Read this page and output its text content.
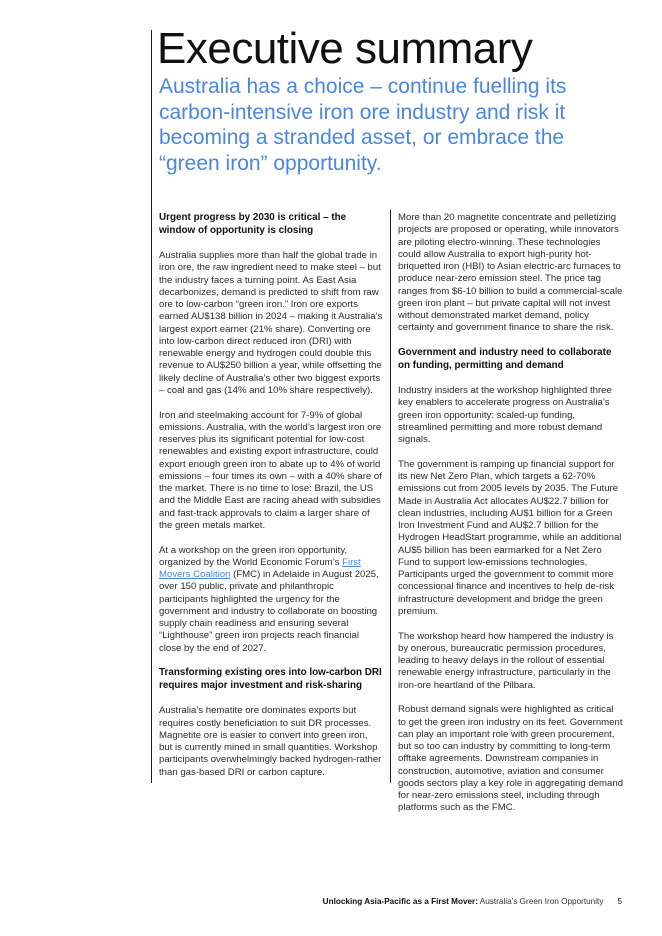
Executive summary
Australia has a choice – continue fuelling its carbon-intensive iron ore industry and risk it becoming a stranded asset, or embrace the “green iron” opportunity.
Urgent progress by 2030 is critical – the window of opportunity is closing

Australia supplies more than half the global trade in iron ore, the raw ingredient need to make steel – but the industry faces a turning point. As East Asia decarbonizes, demand is predicted to shift from raw ore to low-carbon “green iron.” Iron ore exports earned AU$138 billion in 2024 – making it Australia’s largest export earner (21% share). Converting ore into low-carbon direct reduced iron (DRI) with renewable energy and hydrogen could double this revenue to AU$250 billion a year, while offsetting the likely decline of Australia’s other two biggest exports – coal and gas (14% and 10% share respectively).

Iron and steelmaking account for 7-9% of global emissions. Australia, with the world’s largest iron ore reserves plus its significant potential for low-cost renewables and existing export infrastructure, could export enough green iron to abate up to 4% of world emissions – four times its own – with a 40% share of the market. There is no time to lose: Brazil, the US and the Middle East are racing ahead with subsidies and fast-track approvals to claim a larger share of the green metals market.

At a workshop on the green iron opportunity, organized by the World Economic Forum’s First Movers Coalition (FMC) in Adelaide in August 2025, over 150 public, private and philanthropic participants highlighted the urgency for the government and industry to collaborate on boosting supply chain readiness and ensuring several “Lighthouse” green iron projects reach financial close by the end of 2027.

Transforming existing ores into low-carbon DRI requires major investment and risk-sharing

Australia’s hematite ore dominates exports but requires costly beneficiation to suit DR processes. Magnetite ore is easier to convert into green iron, but is currently mined in small quantities. Workshop participants overwhelmingly backed hydrogen-rather than gas-based DRI or carbon capture.

More than 20 magnetite concentrate and pelletizing projects are proposed or operating, while innovators are piloting electro-winning. These technologies could allow Australia to export high-purity hot-briquetted iron (HBI) to Asian electric-arc furnaces to produce near-zero emission steel. The price tag ranges from $6-10 billion to build a commercial-scale green iron plant – but private capital will not invest without demonstrated market demand, policy certainty and government finance to share the risk.

Government and industry need to collaborate on funding, permitting and demand

Industry insiders at the workshop highlighted three key enablers to accelerate progress on Australia’s green iron opportunity: scaled-up funding, streamlined permitting and more robust demand signals.

The government is ramping up financial support for its new Net Zero Plan, which targets a 62-70% emissions cut from 2005 levels by 2035. The Future Made in Australia Act allocates AU$22.7 billion for clean industries, including AU$1 billion for a Green Iron Investment Fund and AU$2.7 billion for the Hydrogen HeadStart programme, while an additional AU$5 billion has been earmarked for a Net Zero Fund to support low-emissions technologies. Participants urged the government to commit more concessional finance and incentives to help de-risk infrastructure development and bridge the green premium.

The workshop heard how hampered the industry is by onerous, bureaucratic permission procedures, leading to heavy delays in the rollout of essential renewable energy infrastructure, particularly in the iron-ore heartland of the Pilbara.

Robust demand signals were highlighted as critical to get the green iron industry on its feet. Government can play an important role with green procurement, but so too can industry by committing to long-term offtake agreements. Downstream companies in construction, automotive, aviation and consumer goods sectors play a key role in aggregating demand for near-zero emissions steel, including through platforms such as the FMC.

Unlocking Asia-Pacific as a First Mover: Australia’s Green Iron Opportunity 5
